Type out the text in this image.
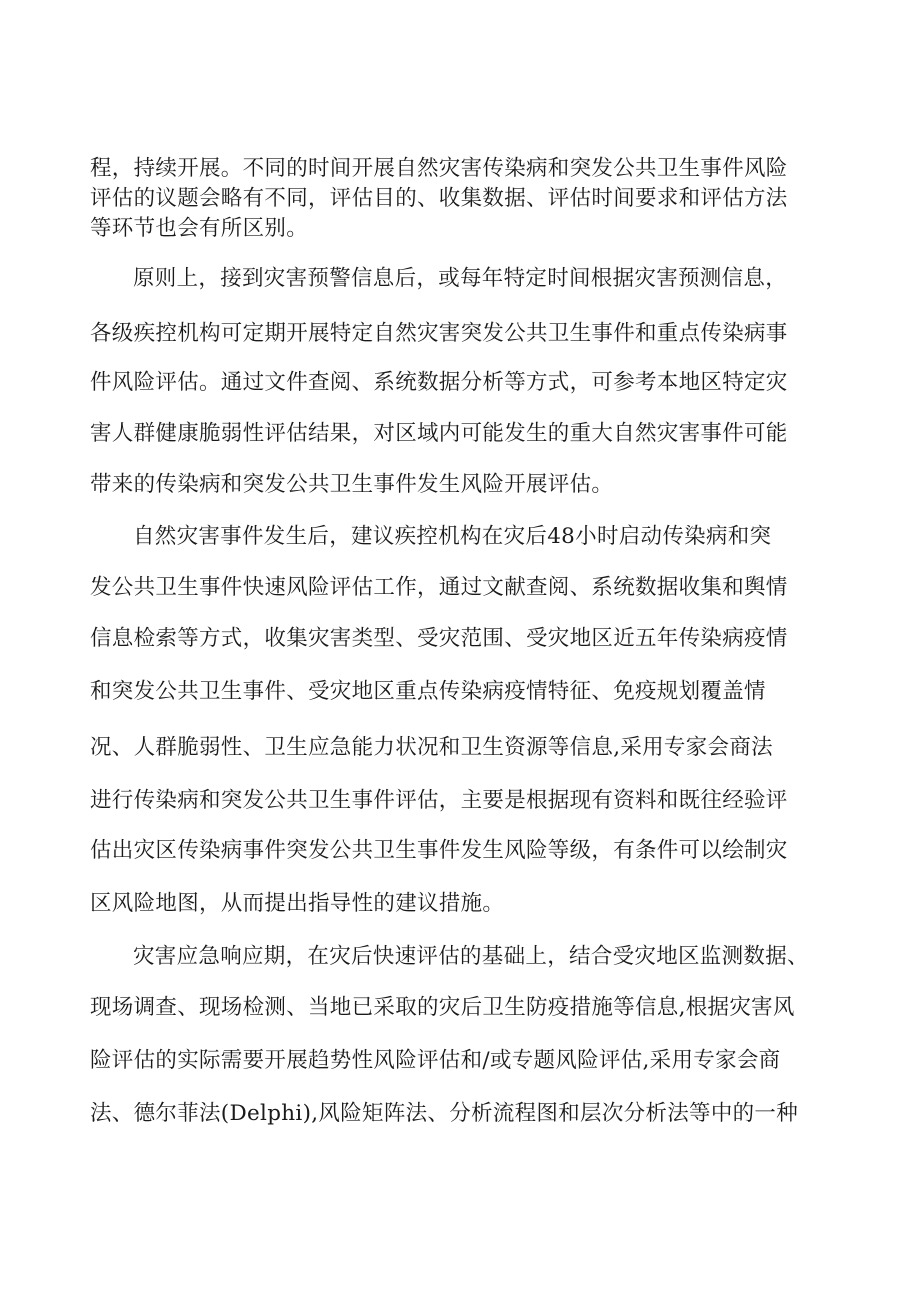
程，持续开展。不同的时间开展自然灾害传染病和突发公共卫生事件风险

评估的议题会略有不同，评估目的、收集数据、评估时间要求和评估方法

等环节也会有所区别。

原则上，接到灾害预警信息后，或每年特定时间根据灾害预测信息，

各级疾控机构可定期开展特定自然灾害突发公共卫生事件和重点传染病事

件风险评估。通过文件查阅、系统数据分析等方式，可参考本地区特定灾

害人群健康脆弱性评估结果，对区域内可能发生的重大自然灾害事件可能

带来的传染病和突发公共卫生事件发生风险开展评估。

自然灾害事件发生后，建议疾控机构在灾后48小时启动传染病和突

发公共卫生事件快速风险评估工作，通过文献查阅、系统数据收集和舆情

信息检索等方式，收集灾害类型、受灾范围、受灾地区近五年传染病疫情

和突发公共卫生事件、受灾地区重点传染病疫情特征、免疫规划覆盖情

况、人群脆弱性、卫生应急能力状况和卫生资源等信息,采用专家会商法

进行传染病和突发公共卫生事件评估，主要是根据现有资料和既往经验评

估出灾区传染病事件突发公共卫生事件发生风险等级，有条件可以绘制灾

区风险地图，从而提出指导性的建议措施。

灾害应急响应期，在灾后快速评估的基础上，结合受灾地区监测数据、

现场调查、现场检测、当地已采取的灾后卫生防疫措施等信息,根据灾害风

险评估的实际需要开展趋势性风险评估和/或专题风险评估,采用专家会商

法、德尔菲法(Delphi),风险矩阵法、分析流程图和层次分析法等中的一种
